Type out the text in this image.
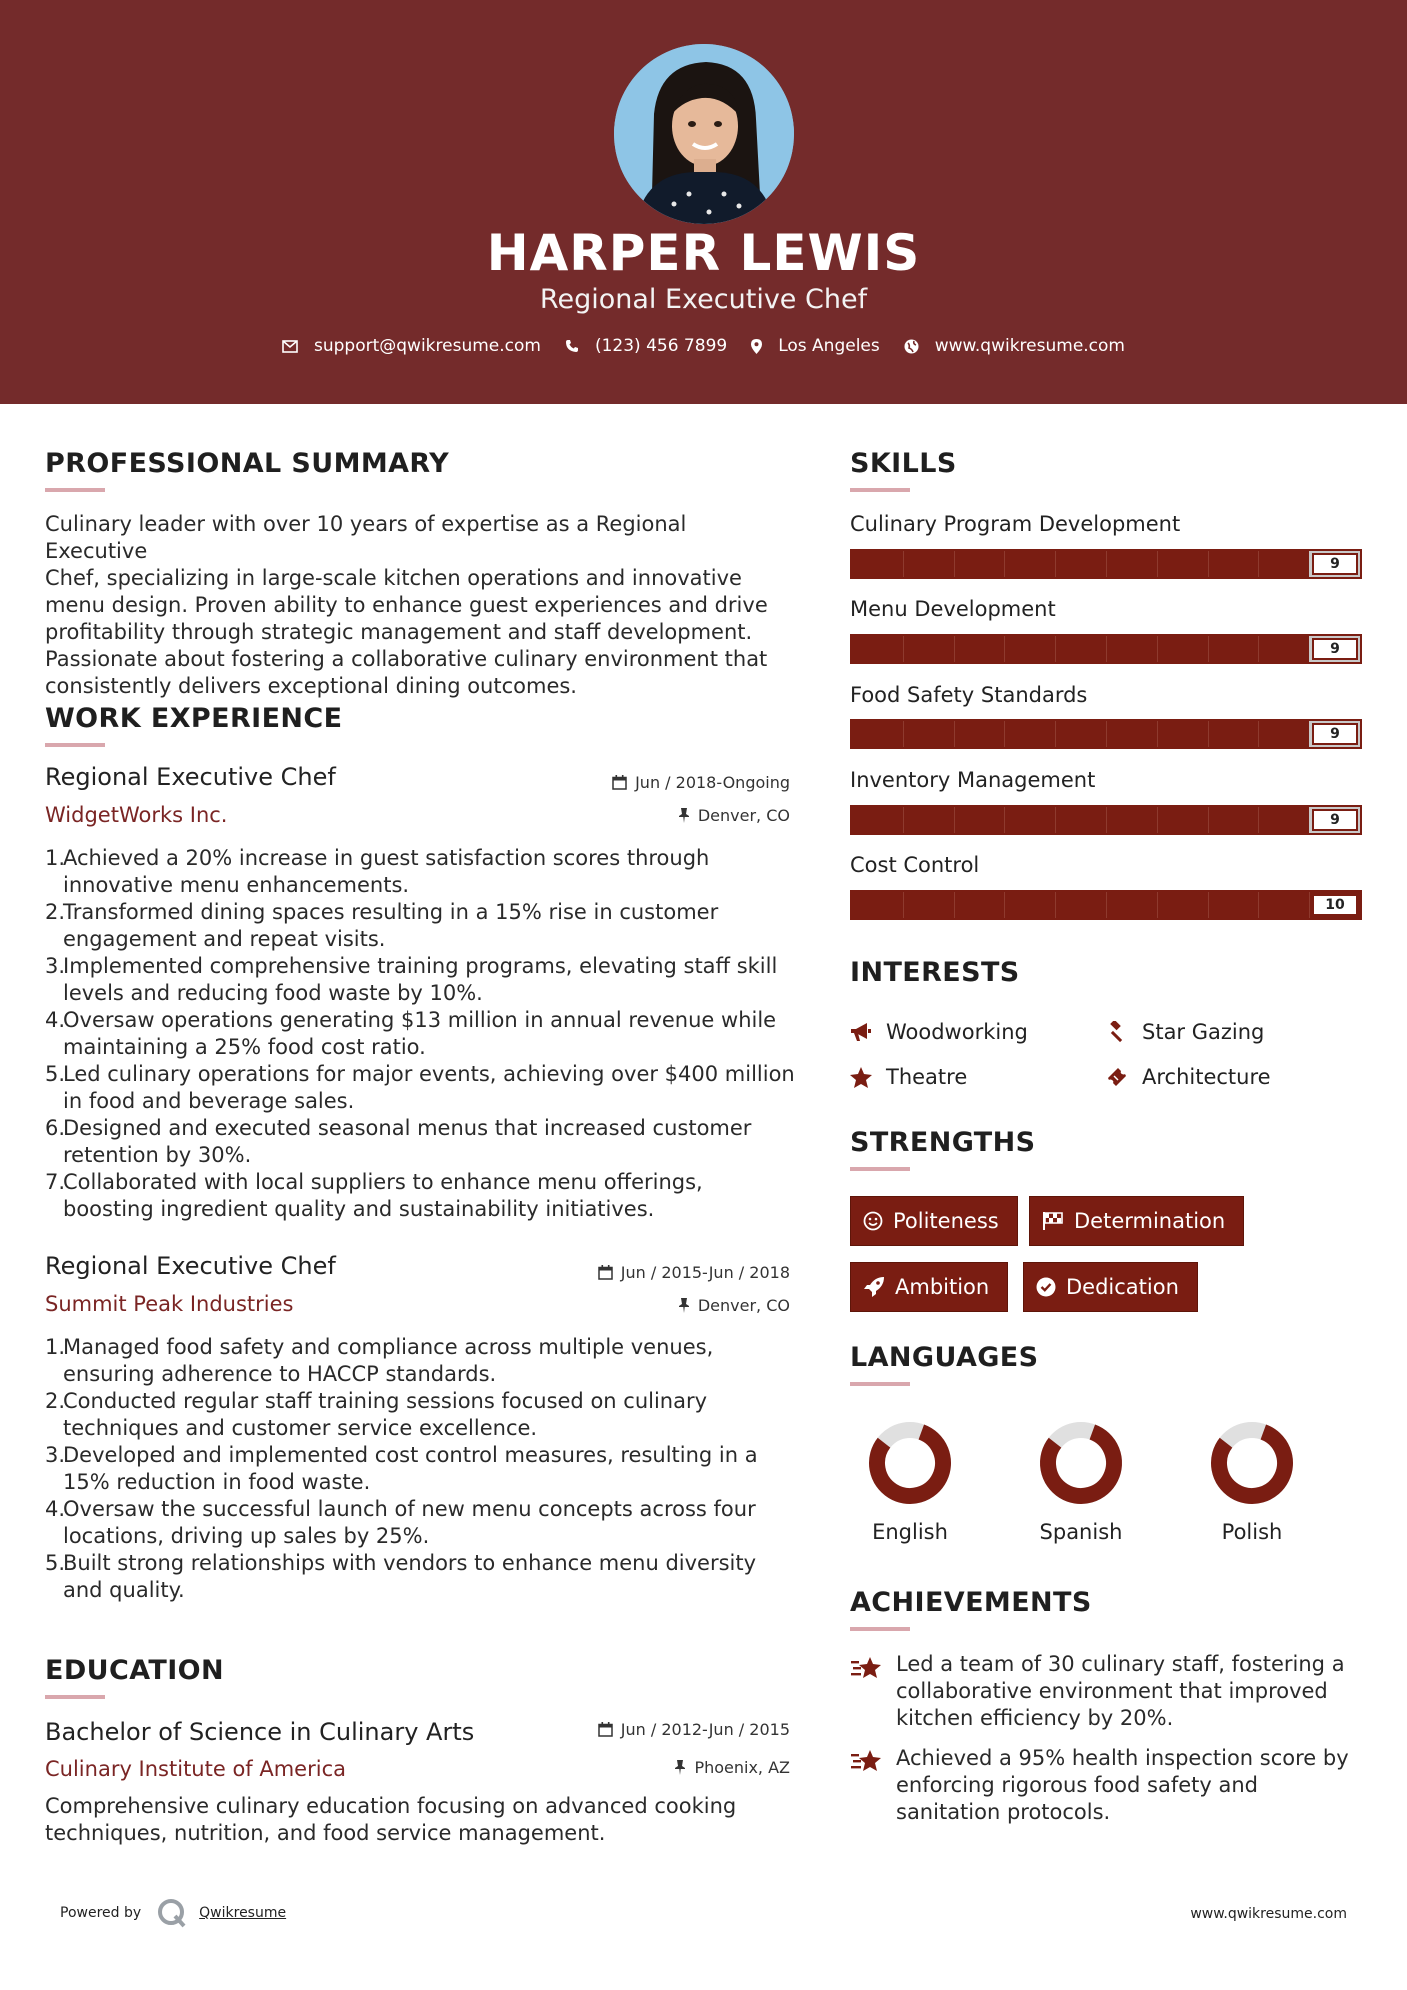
HARPER LEWIS
Regional Executive Chef
support@qwikresume.com	(123) 456 7899	Los Angeles	www.qwikresume.com
PROFESSIONAL SUMMARY
Culinary leader with over 10 years of expertise as a Regional Executive
Chef, specializing in large-scale kitchen operations and innovative
menu design. Proven ability to enhance guest experiences and drive
profitability through strategic management and staff development.
Passionate about fostering a collaborative culinary environment that
consistently delivers exceptional dining outcomes.
WORK EXPERIENCE
Regional Executive Chef	Jun / 2018-Ongoing
WidgetWorks Inc.	Denver, CO
1.
Achieved a 20% increase in guest satisfaction scores through
innovative menu enhancements.
2.
Transformed dining spaces resulting in a 15% rise in customer
engagement and repeat visits.
3.
Implemented comprehensive training programs, elevating staff skill
levels and reducing food waste by 10%.
4.
Oversaw operations generating $13 million in annual revenue while
maintaining a 25% food cost ratio.
5.
Led culinary operations for major events, achieving over $400 million
in food and beverage sales.
6.
Designed and executed seasonal menus that increased customer
retention by 30%.
7.
Collaborated with local suppliers to enhance menu offerings,
boosting ingredient quality and sustainability initiatives.
Regional Executive Chef	Jun / 2015-Jun / 2018
Summit Peak Industries	Denver, CO
1.
Managed food safety and compliance across multiple venues,
ensuring adherence to HACCP standards.
2.
Conducted regular staff training sessions focused on culinary
techniques and customer service excellence.
3.
Developed and implemented cost control measures, resulting in a
15% reduction in food waste.
4.
Oversaw the successful launch of new menu concepts across four
locations, driving up sales by 25%.
5.
Built strong relationships with vendors to enhance menu diversity
and quality.
EDUCATION
Bachelor of Science in Culinary Arts	Jun / 2012-Jun / 2015
Culinary Institute of America	Phoenix, AZ
Comprehensive culinary education focusing on advanced cooking
techniques, nutrition, and food service management.
SKILLS
Culinary Program Development
9
Menu Development
9
Food Safety Standards
9
Inventory Management
9
Cost Control
10
INTERESTS
Woodworking	Star Gazing
Theatre	Architecture
STRENGTHS
Politeness	Determination
Ambition	Dedication
LANGUAGES
English	Spanish	Polish
ACHIEVEMENTS
Led a team of 30 culinary staff, fostering a
collaborative environment that improved
kitchen efficiency by 20%.
Achieved a 95% health inspection score by
enforcing rigorous food safety and
sanitation protocols.
Powered by	Qwikresume	www.qwikresume.com
